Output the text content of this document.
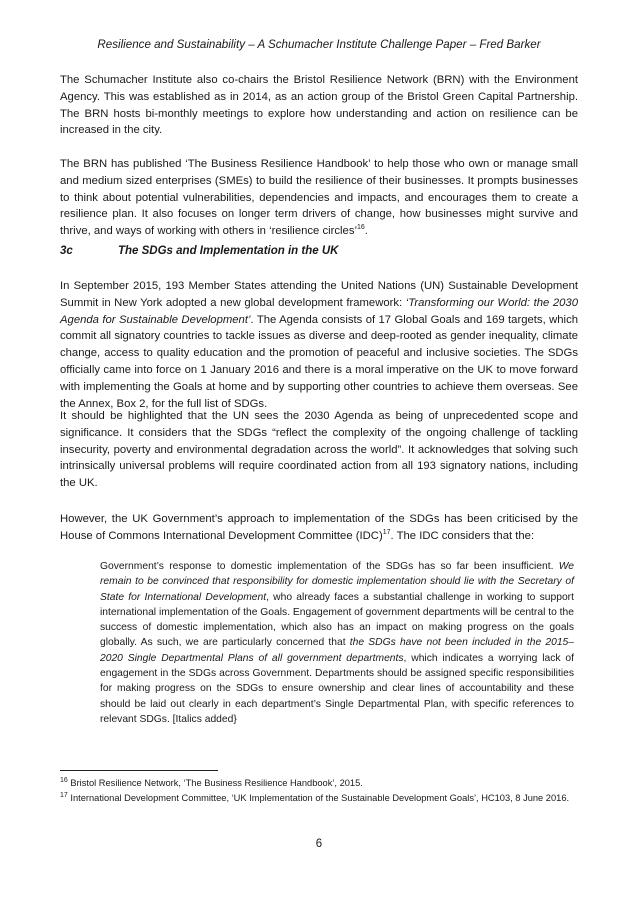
Resilience and Sustainability – A Schumacher Institute Challenge Paper – Fred Barker

The Schumacher Institute also co-chairs the Bristol Resilience Network (BRN) with the Environment Agency. This was established as in 2014, as an action group of the Bristol Green Capital Partnership. The BRN hosts bi-monthly meetings to explore how understanding and action on resilience can be increased in the city.

The BRN has published ‘The Business Resilience Handbook’ to help those who own or manage small and medium sized enterprises (SMEs) to build the resilience of their businesses. It prompts businesses to think about potential vulnerabilities, dependencies and impacts, and encourages them to create a resilience plan. It also focuses on longer term drivers of change, how businesses might survive and thrive, and ways of working with others in ‘resilience circles’$^{16}$.

3c	The SDGs and Implementation in the UK

In September 2015, 193 Member States attending the United Nations (UN) Sustainable Development Summit in New York adopted a new global development framework: ‘Transforming our World: the 2030 Agenda for Sustainable Development’. The Agenda consists of 17 Global Goals and 169 targets, which commit all signatory countries to tackle issues as diverse and deep-rooted as gender inequality, climate change, access to quality education and the promotion of peaceful and inclusive societies. The SDGs officially came into force on 1 January 2016 and there is a moral imperative on the UK to move forward with implementing the Goals at home and by supporting other countries to achieve them overseas. See the Annex, Box 2, for the full list of SDGs.

It should be highlighted that the UN sees the 2030 Agenda as being of unprecedented scope and significance. It considers that the SDGs “reflect the complexity of the ongoing challenge of tackling insecurity, poverty and environmental degradation across the world”. It acknowledges that solving such intrinsically universal problems will require coordinated action from all 193 signatory nations, including the UK.

However, the UK Government’s approach to implementation of the SDGs has been criticised by the House of Commons International Development Committee (IDC)$^{17}$. The IDC considers that the:

Government’s response to domestic implementation of the SDGs has so far been insufficient. We remain to be convinced that responsibility for domestic implementation should lie with the Secretary of State for International Development, who already faces a substantial challenge in working to support international implementation of the Goals. Engagement of government departments will be central to the success of domestic implementation, which also has an impact on making progress on the goals globally. As such, we are particularly concerned that the SDGs have not been included in the 2015–2020 Single Departmental Plans of all government departments, which indicates a worrying lack of engagement in the SDGs across Government. Departments should be assigned specific responsibilities for making progress on the SDGs to ensure ownership and clear lines of accountability and these should be laid out clearly in each department’s Single Departmental Plan, with specific references to relevant SDGs. [Italics added}

$^{16}$ Bristol Resilience Network, ‘The Business Resilience Handbook’, 2015.

$^{17}$ International Development Committee, ‘UK Implementation of the Sustainable Development Goals’, HC103, 8 June 2016.

6
